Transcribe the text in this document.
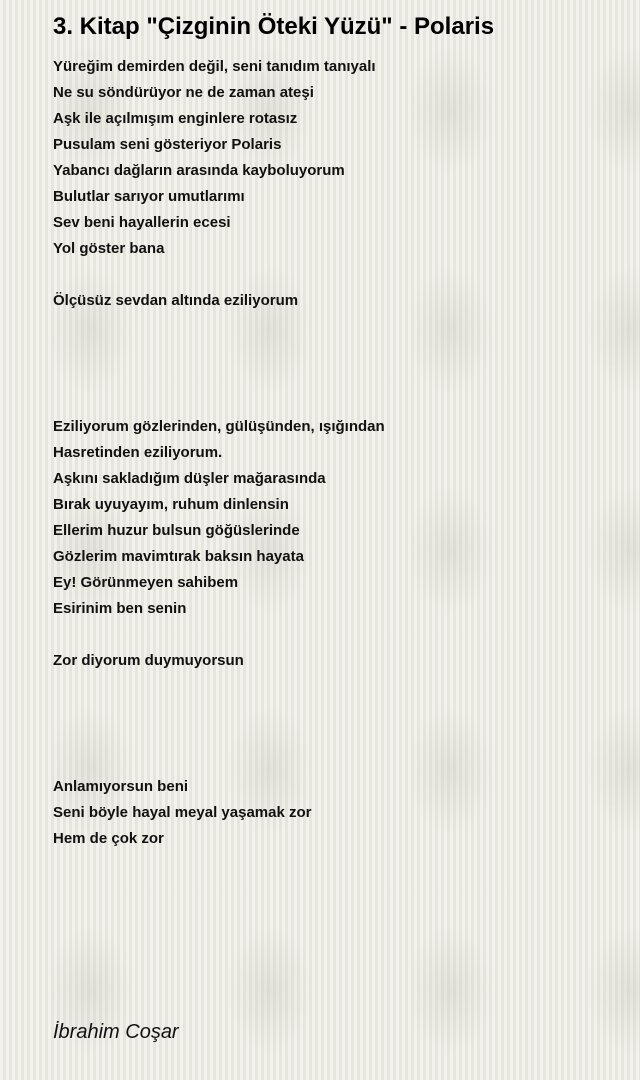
3. Kitap "Çizginin Öteki Yüzü" - Polaris
Yüreğim demirden değil, seni tanıdım tanıyalı
Ne su söndürüyor ne de zaman ateşi
Aşk ile açılmışım enginlere rotasız
Pusulam seni gösteriyor Polaris
Yabancı dağların arasında kayboluyorum
Bulutlar sarıyor umutlarımı
Sev beni hayallerin ecesi
Yol göster bana
Ölçüsüz sevdan altında eziliyorum
Eziliyorum gözlerinden, gülüşünden, ışığından
Hasretinden eziliyorum.
Aşkını sakladığım düşler mağarasında
Bırak uyuyayım, ruhum dinlensin
Ellerim huzur bulsun göğüslerinde
Gözlerim mavimtırak baksın hayata
Ey! Görünmeyen sahibem
Esirinim ben senin
Zor diyorum duymuyorsun
Anlamıyorsun beni
Seni böyle hayal meyal yaşamak zor
Hem de çok zor
İbrahim Coşar
